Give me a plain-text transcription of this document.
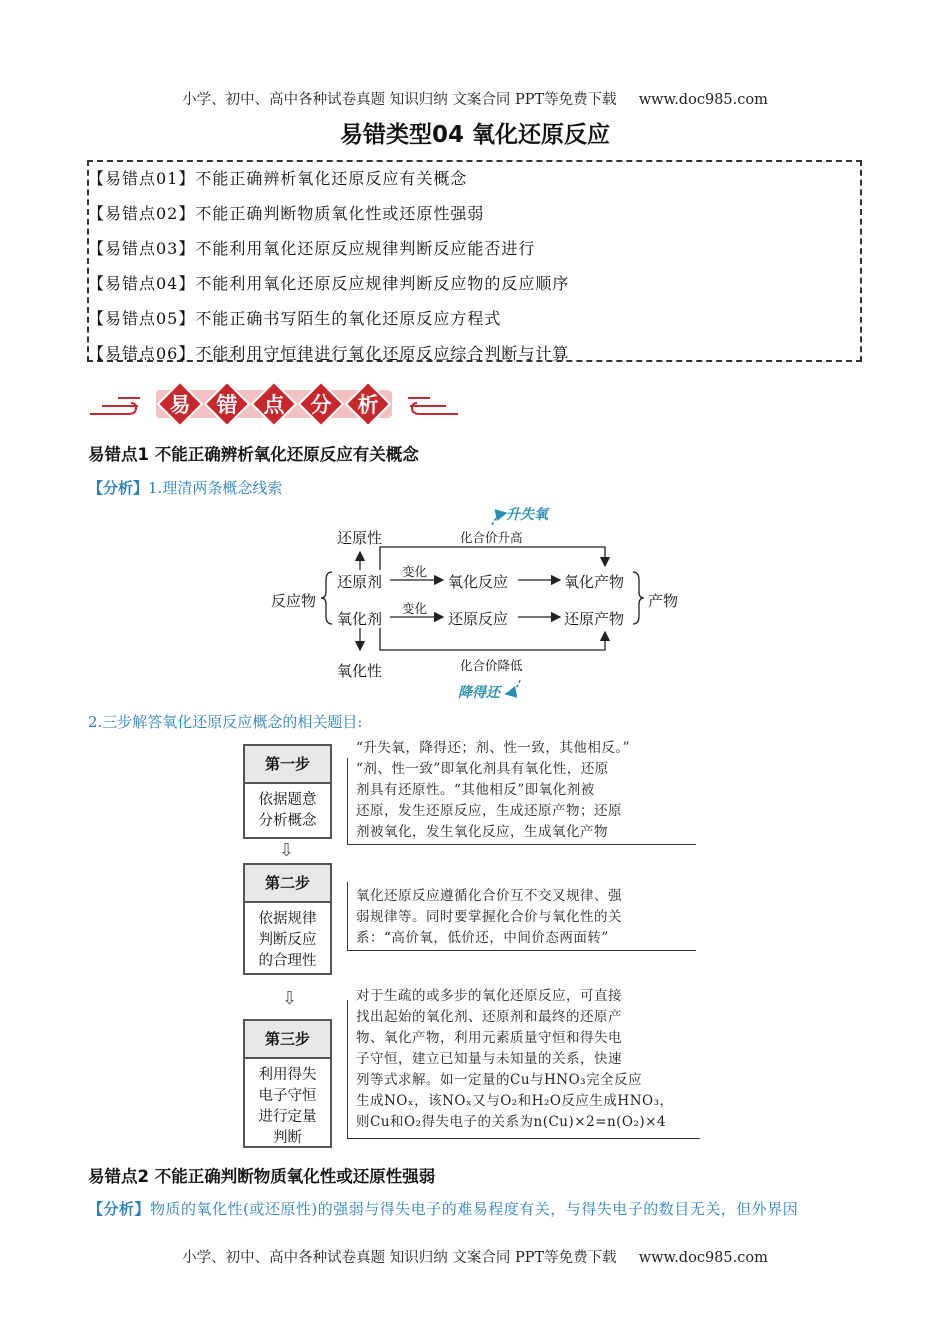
小学、初中、高中各种试卷真题 知识归纳 文案合同 PPT等免费下载 www.doc985.com
易错类型04 氧化还原反应
【易错点01】不能正确辨析氧化还原反应有关概念
【易错点02】不能正确判断物质氧化性或还原性强弱
【易错点03】不能利用氧化还原反应规律判断反应能否进行
【易错点04】不能利用氧化还原反应规律判断反应物的反应顺序
【易错点05】不能正确书写陌生的氧化还原反应方程式
【易错点06】不能利用守恒律进行氧化还原反应综合判断与计算
易 错 点 分 析
易错点1 不能正确辨析氧化还原反应有关概念
【分析】1.理清两条概念线索
升失氧
化合价升高
还原性
反应物
还原剂
变化
氧化反应	氧化产物
产物
氧化剂
变化
还原反应	还原产物
氧化性	化合价降低
降得还
2.三步解答氧化还原反应概念的相关题目:
第一步
依据题意
分析概念
“升失氧，降得还；剂、性一致，其他相反。”
“剂、性一致”即氧化剂具有氧化性，还原
剂具有还原性。“其他相反”即氧化剂被
还原，发生还原反应，生成还原产物；还原
剂被氧化，发生氧化反应，生成氧化产物
⇩
第二步
依据规律
判断反应
的合理性
氧化还原反应遵循化合价互不交叉规律、强
弱规律等。同时要掌握化合价与氧化性的关
系：“高价氧，低价还，中间价态两面转”
⇩
第三步
利用得失
电子守恒
进行定量
判断
对于生疏的或多步的氧化还原反应，可直接
找出起始的氧化剂、还原剂和最终的还原产
物、氧化产物，利用元素质量守恒和得失电
子守恒，建立已知量与未知量的关系，快速
列等式求解。如一定量的Cu与HNO₃完全反应
生成NOₓ，该NOₓ又与O₂和H₂O反应生成HNO₃，
则Cu和O₂得失电子的关系为n(Cu)×2=n(O₂)×4
易错点2 不能正确判断物质氧化性或还原性强弱
【分析】物质的氧化性(或还原性)的强弱与得失电子的难易程度有关，与得失电子的数目无关，但外界因
小学、初中、高中各种试卷真题 知识归纳 文案合同 PPT等免费下载 www.doc985.com
